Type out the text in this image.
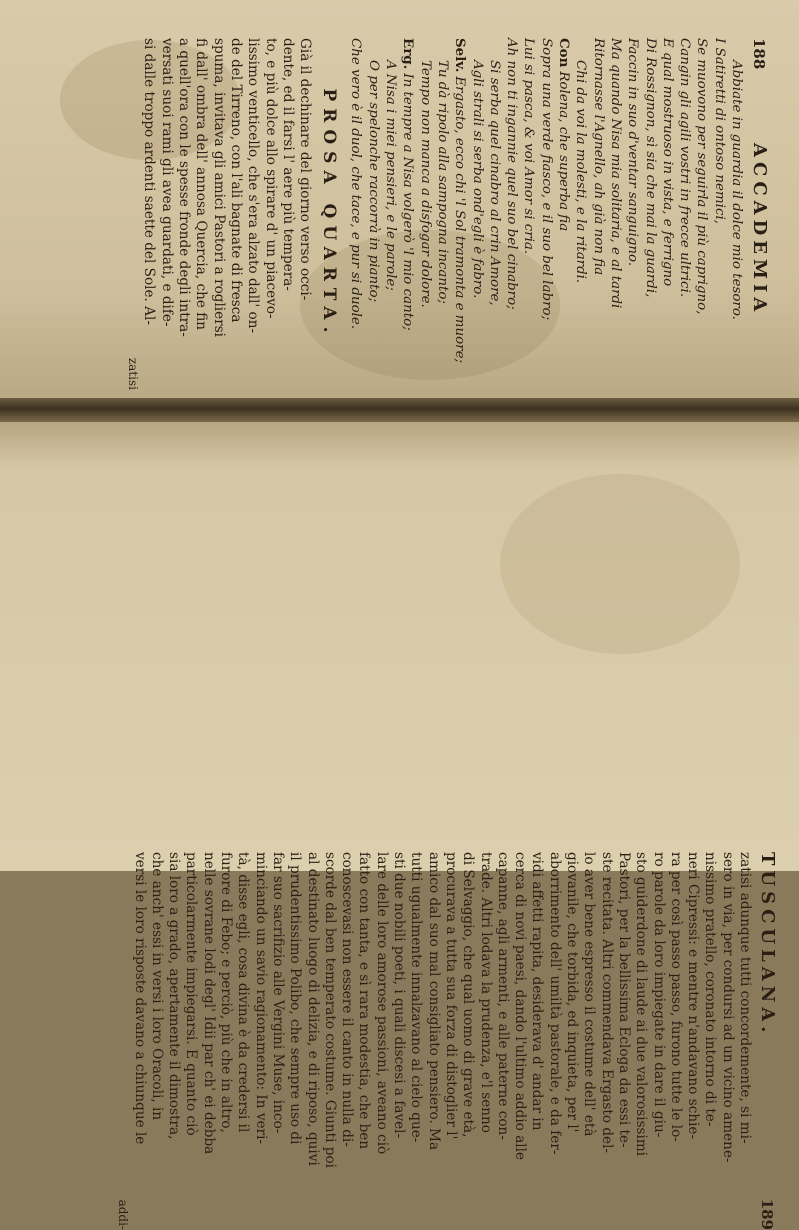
188
ACCADEMIA
Abbiate in guardia il dolce mio tesoro.
I Satiretti di ontoso nemici,
Se muovono per seguirla il più caprigno,
Cangin gli agili vostri in frecce ultrici.
E qual mostruoso in vista, e ferrigno
Di Rossignon, sì sia che mai la guardi,
Faccin in suo d'ventar sanguigno.
Ma quando Nisa mia solitaria, e al tardi
Ritornasse l'Agnello, ah già non fia
Chi da voi la molesti, e la ritardi.
ConRolena, che superba fia
Sopra una verde fiasco, e il suo bel labro;
Lui si pasca, & voi Amor si cria.
Ah non ti ingannie quel suo bel cinabro;
Si serba quel cinabro al crin Amore,
Agli strali si serba ond'egli è fabro.
Selv.Ergasto, ecco chi 'l Sol tramonta e muore;
Tu dà ripolo alla sampogna incanto;
Tempo non manca a disfogar dolore.
Erg.In tempre a Nisa volgerò 'l mio canto;
A Nisa i miei pensieri, e le parole;
O per spelonche raccorrà in pianto;
Che vero è il duol, che tace, e pur si duole.
PROSA QUARTA.
Già il dechinare del giorno verso occi-
dente, ed il farsi l' aere più tempera-
to, e più dolce allo spirare d' un piacevo-
lissimo venticello, che s'era alzato dall' on-
de del Tirreno, con l'ali bagnate di fresca
spuma, invitava gli amici Pastori a rogliersi
fi dall' ombra dell' annosa Quercia, che fin
a quell'ora con le spesse fronde degli intra-
versati suoi rami gli avea guardati, e dife-
si dalle troppo ardenti saette del Sole. Al-
zatisi
TUSCULANA.
189
zatisi adunque tutti concordemente, si mi-
sero in via, per condursi ad un vicino amene-
nissimo pratello, coronato intorno di te-
neri Cipressi: e mentre n'andavano schie-
ra per così passo passo, furono tutte le lo-
ro parole da loro impiegate in dare il giu-
sto guiderdone di laude ai due valorosissimi
Pastori, per la bellissima Ecloga da essi te-
ste recitata. Altri commendava Ergasto del-
lo aver bene espresso il costume dell' età
giovanile, che torbida, ed inquieta, per l'
aborrimento dell' umiltà pastorale, e da fer-
vidi affetti rapita, desiderava d' andar in
cerca di novi paesi, dando l'ultimo addio alle
capanne, agli armenti, e alle paterne con-
trade. Altri lodava la prudenza, e'l senno
di Selvaggio, che qual uomo di grave età,
procurava a tutta sua forza di distoglier l'
amico dal suo mal consigliato pensiero. Ma
tutti ugualmente innalzavano al cielo que-
sti due nobili poeti, i quali discesi a favel-
lare delle loro amorose passioni, aveano ciò
fatto con tanta, e sì rara modestia, che ben
conoscevasi non essere il canto in nulla di-
scorde dal ben temperato costume. Giunti poi
al destinato luogo di delizia, e di riposo, quivi
il prudentissimo Polibo, che sempre uso di
far suo sacrifizio alle Vergini Muse, inco-
minciando un savio ragionamento: In veri-
tà, disse egli, cosa divina è da credersi il
furore di Febo; e perciò, più che in altro,
nelle sovrane lodi degl' Idii par ch' ei debba
particolarmente impiegarsi. E quanto ciò
sia loro a grado, apertamente il dimostra,
che anch' essi in versi i loro Oracoli, in
versi le loro risposte davano a chiunque le
addi-
